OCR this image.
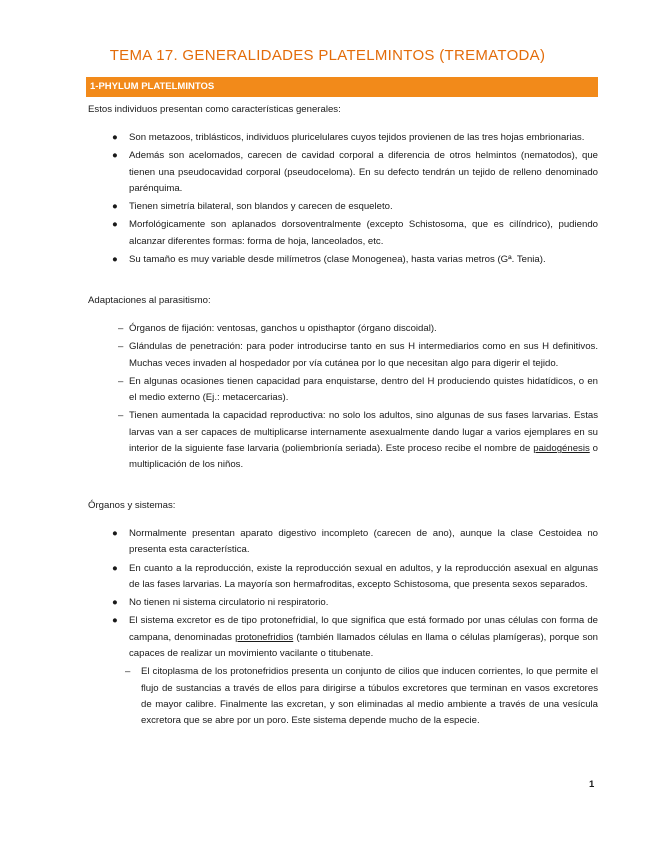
TEMA 17. GENERALIDADES PLATELMINTOS (TREMATODA)
1-PHYLUM PLATELMINTOS
Estos individuos presentan como características generales:
● Son metazoos, triblásticos, individuos pluricelulares cuyos tejidos provienen de las tres hojas embrionarias.
● Además son acelomados, carecen de cavidad corporal a diferencia de otros helmintos (nematodos), que tienen una pseudocavidad corporal (pseudoceloma). En su defecto tendrán un tejido de relleno denominado parénquima.
● Tienen simetría bilateral, son blandos y carecen de esqueleto.
● Morfológicamente son aplanados dorsoventralmente (excepto Schistosoma, que es cilíndrico), pudiendo alcanzar diferentes formas: forma de hoja, lanceolados, etc.
● Su tamaño es muy variable desde milímetros (clase Monogenea), hasta varias metros (Gª. Tenia).
Adaptaciones al parasitismo:
– Órganos de fijación: ventosas, ganchos u opisthaptor (órgano discoidal).
– Glándulas de penetración: para poder introducirse tanto en sus H intermediarios como en sus H definitivos. Muchas veces invaden al hospedador por vía cutánea por lo que necesitan algo para digerir el tejido.
– En algunas ocasiones tienen capacidad para enquistarse, dentro del H produciendo quistes hidatídicos, o en el medio externo (Ej.: metacercarias).
– Tienen aumentada la capacidad reproductiva: no solo los adultos, sino algunas de sus fases larvarias. Estas larvas van a ser capaces de multiplicarse internamente asexualmente dando lugar a varios ejemplares en su interior de la siguiente fase larvaria (poliembrionía seriada). Este proceso recibe el nombre de paidogénesis o multiplicación de los niños.
Órganos y sistemas:
● Normalmente presentan aparato digestivo incompleto (carecen de ano), aunque la clase Cestoidea no presenta esta característica.
● En cuanto a la reproducción, existe la reproducción sexual en adultos, y la reproducción asexual en algunas de las fases larvarias. La mayoría son hermafroditas, excepto Schistosoma, que presenta sexos separados.
● No tienen ni sistema circulatorio ni respiratorio.
● El sistema excretor es de tipo protonefridial, lo que significa que está formado por unas células con forma de campana, denominadas protonefridios (también llamados células en llama o células plamígeras), porque son capaces de realizar un movimiento vacilante o titubenate.
– El citoplasma de los protonefridios presenta un conjunto de cilios que inducen corrientes, lo que permite el flujo de sustancias a través de ellos para dirigirse a túbulos excretores que terminan en vasos excretores de mayor calibre. Finalmente las excretan, y son eliminadas al medio ambiente a través de una vesícula excretora que se abre por un poro. Este sistema depende mucho de la especie.
1
